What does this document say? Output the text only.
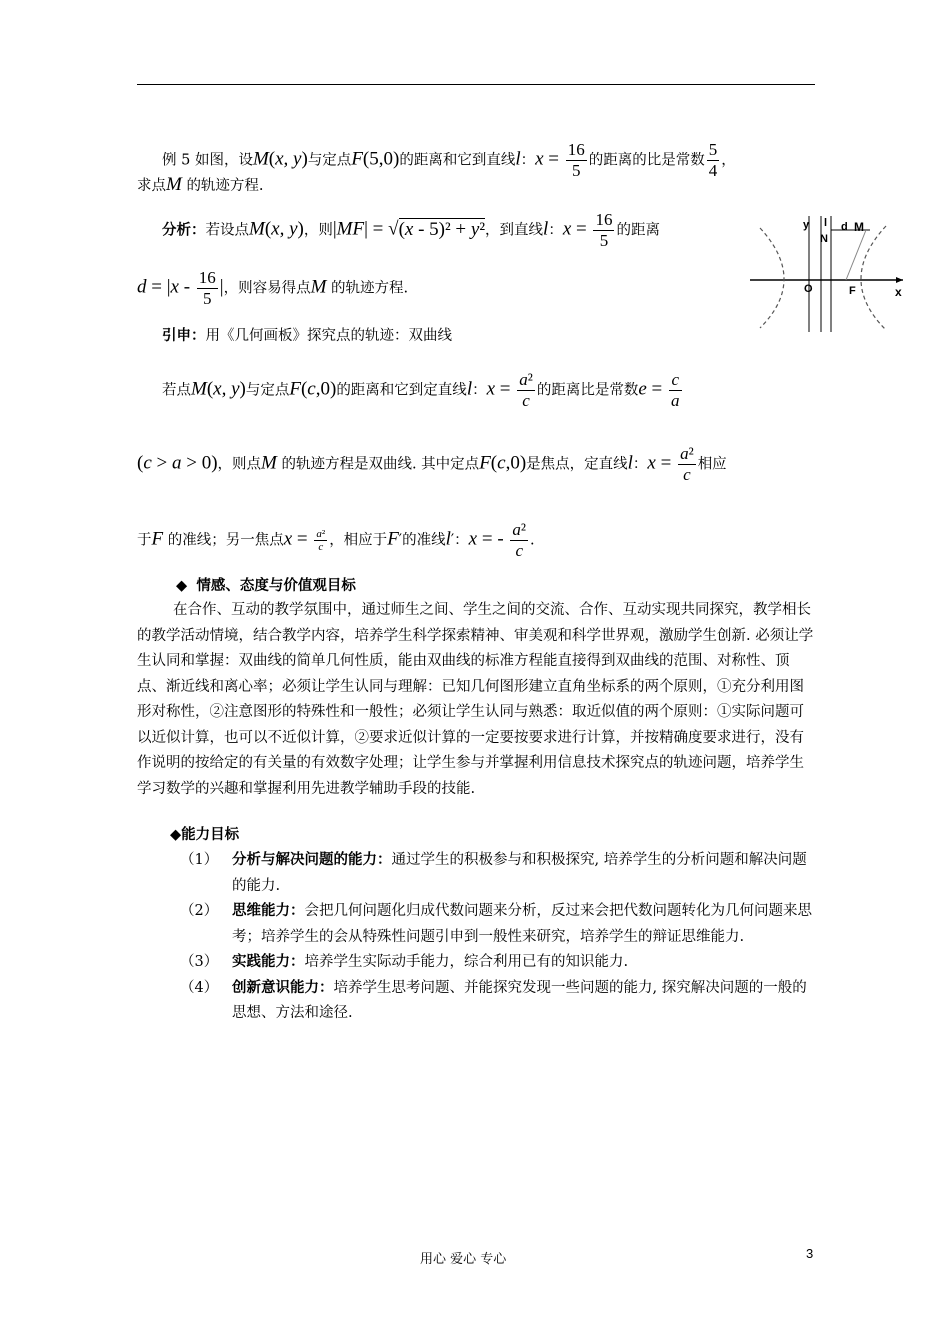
例 5 如图，设M(x, y)与定点F(5,0)的距离和它到直线l：$x = \frac{16}{5}$ 的距离的比是常数 $\frac{5}{4}$ ，
求点M 的轨迹方程.
分析：若设点M(x, y)，则|MF| = √(x - 5)² + y²，到直线l：$x = \frac{16}{5}$ 的距离
$d = |x - \frac{16}{5}$ |，则容易得点M 的轨迹方程.
y l d M
N
O	F	x
引申：用《几何画板》探究点的轨迹：双曲线
若点M(x, y)与定点F(c,0)的距离和它到定直线l：$x = \frac{\text{a²}}{c}$ 的距离比是常数$e = \frac{c}{a}$
(c > a > 0)，则点M 的轨迹方程是双曲线. 其中定点F(c,0)是焦点，定直线l：$x = \frac{\text{a²}}{c}$ 相应
于F 的准线；另一焦点$x = \frac{\text{a²}}{c}$ ，相应于F′的准线l′：x = - $\frac{\text{a²}}{c}$ .
◆ 情感、态度与价值观目标
在合作、互动的教学氛围中，通过师生之间、学生之间的交流、合作、互动实现共同探究，教学相长的教学活动情境，结合教学内容，培养学生科学探索精神、审美观和科学世界观，激励学生创新. 必须让学生认同和掌握：双曲线的简单几何性质，能由双曲线的标准方程能直接得到双曲线的范围、对称性、顶点、渐近线和离心率；必须让学生认同与理解：已知几何图形建立直角坐标系的两个原则，①充分利用图形对称性，②注意图形的特殊性和一般性；必须让学生认同与熟悉：取近似值的两个原则：①实际问题可以近似计算，也可以不近似计算，②要求近似计算的一定要按要求进行计算，并按精确度要求进行，没有作说明的按给定的有关量的有效数字处理；让学生参与并掌握利用信息技术探究点的轨迹问题，培养学生学习数学的兴趣和掌握利用先进教学辅助手段的技能.
◆能力目标
（1） 分析与解决问题的能力：通过学生的积极参与和积极探究, 培养学生的分析问题和解决问题的能力.
（2） 思维能力：会把几何问题化归成代数问题来分析，反过来会把代数问题转化为几何问题来思考；培养学生的会从特殊性问题引申到一般性来研究，培养学生的辩证思维能力.
（3） 实践能力：培养学生实际动手能力，综合利用已有的知识能力.
（4） 创新意识能力：培养学生思考问题、并能探究发现一些问题的能力, 探究解决问题的一般的思想、方法和途径.
用心 爱心 专心	3
